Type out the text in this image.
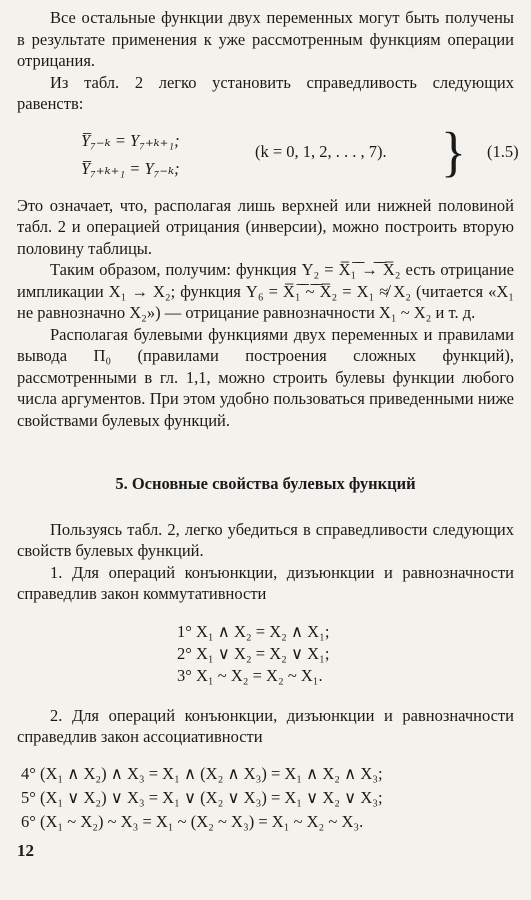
Все остальные функции двух переменных могут быть получены в результате применения к уже рассмотренным функциям операции отрицания.

Из табл. 2 легко установить справедливость следующих равенств:

Y̅₇₋ₖ = Y₇₊ₖ₊₁;
Y̅₇₊ₖ₊₁ = Y₇₋ₖ;
(k = 0, 1, 2, . . . , 7). } (1.5)

Это означает, что, располагая лишь верхней или нижней половиной табл. 2 и операцией отрицания (инверсии), можно построить вторую половину таблицы.

Таким образом, получим: функция Y₂ = X̅₁̅ ̅→̅ ̅X̅₂ есть отрицание импликации X₁ → X₂; функция Y₆ = X̅₁̅ ̅~̅ ̅X̅₂ = X₁ ≉ X₂ (читается «X₁ не равнозначно X₂») — отрицание равнозначности X₁ ~ X₂ и т. д.

Располагая булевыми функциями двух переменных и правилами вывода П₀ (правилами построения сложных функций), рассмотренными в гл. 1,1, можно строить булевы функции любого числа аргументов. При этом удобно пользоваться приведенными ниже свойствами булевых функций.

5. Основные свойства булевых функций

Пользуясь табл. 2, легко убедиться в справедливости следующих свойств булевых функций.

1. Для операций конъюнкции, дизъюнкции и равнозначности справедлив закон коммутативности

1° X₁ ∧ X₂ = X₂ ∧ X₁;
2° X₁ ∨ X₂ = X₂ ∨ X₁;
3° X₁ ~ X₂ = X₂ ~ X₁.

2. Для операций конъюнкции, дизъюнкции и равнозначности справедлив закон ассоциативности

4° (X₁ ∧ X₂) ∧ X₃ = X₁ ∧ (X₂ ∧ X₃) = X₁ ∧ X₂ ∧ X₃;
5° (X₁ ∨ X₂) ∨ X₃ = X₁ ∨ (X₂ ∨ X₃) = X₁ ∨ X₂ ∨ X₃;
6° (X₁ ~ X₂) ~ X₃ = X₁ ~ (X₂ ~ X₃) = X₁ ~ X₂ ~ X₃.
12
